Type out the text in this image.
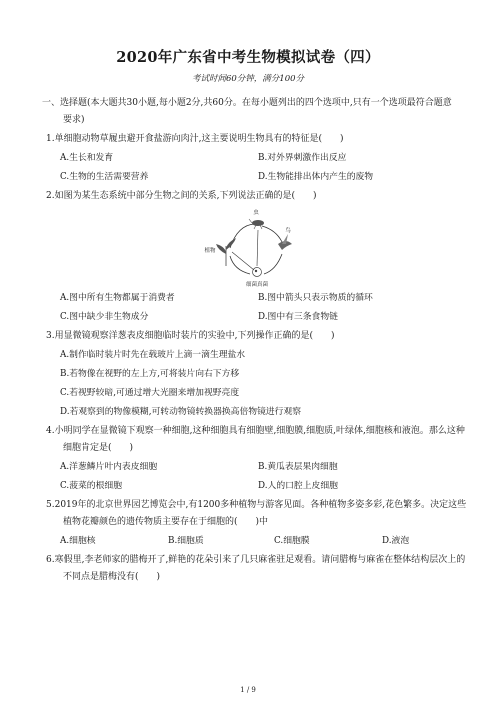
2020年广东省中考生物模拟试卷（四）
考试时间60分钟，满分100分
一、选择题(本大题共30小题,每小题2分,共60分。在每小题列出的四个选项中,只有一个选项最符合题意
要求)
1.单细胞动物草履虫避开食盐游向肉汁,这主要说明生物具有的特征是(　　)
A.生长和发育	B.对外界刺激作出反应
C.生物的生活需要营养	D.生物能排出体内产生的废物
2.如图为某生态系统中部分生物之间的关系,下列说法正确的是(　　)
虫
鸟
植物
细菌真菌
A.图中所有生物都属于消费者	B.图中箭头只表示物质的循环
C.图中缺少非生物成分	D.图中有三条食物链
3.用显微镜观察洋葱表皮细胞临时装片的实验中,下列操作正确的是(　　)
A.制作临时装片时先在载玻片上滴一滴生理盐水
B.若物像在视野的左上方,可将装片向右下方移
C.若视野较暗,可通过增大光圈来增加视野亮度
D.若观察到的物像模糊,可转动物镜转换器换高倍物镜进行观察
4.小明同学在显微镜下观察一种细胞,这种细胞具有细胞壁,细胞膜,细胞质,叶绿体,细胞核和液泡。那么这种
细胞肯定是(　　)
A.洋葱鳞片叶内表皮细胞	B.黄瓜表层果肉细胞
C.菠菜的根细胞	D.人的口腔上皮细胞
5.2019年的北京世界园艺博览会中,有1200多种植物与游客见面。各种植物多姿多彩,花色繁多。决定这些
植物花瓣颜色的遗传物质主要存在于细胞的(　　)中
A.细胞核	B.细胞质	C.细胞膜	D.液泡
6.寒假里,李老师家的腊梅开了,鲜艳的花朵引来了几只麻雀驻足观看。请问腊梅与麻雀在整体结构层次上的
不同点是腊梅没有(　　)
1 / 9
